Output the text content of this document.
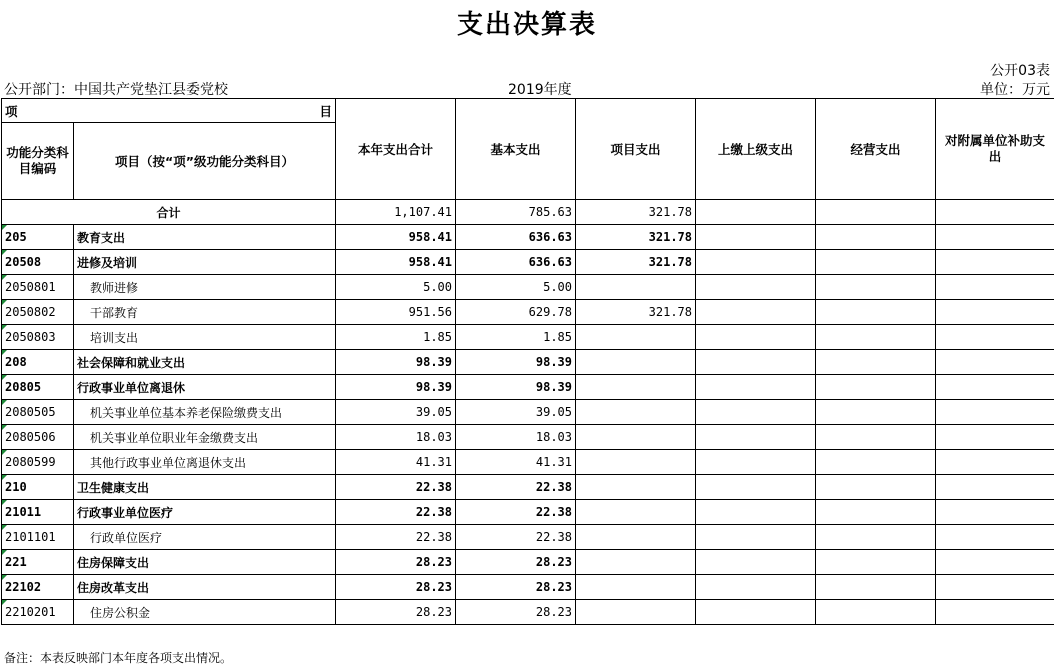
支出决算表
公开03表
公开部门：中国共产党垫江县委党校	2019年度	单位：万元
项 目		本年支出合计	基本支出	项目支出	上缴上级支出	经营支出	对附属单位补助支出
功能分类科目编码	项目（按“项”级功能分类科目）						
合计		1,107.41	785.63	321.78			
205	教育支出	958.41	636.63	321.78			
20508	进修及培训	958.41	636.63	321.78			
2050801	教师进修	5.00	5.00				
2050802	干部教育	951.56	629.78	321.78			
2050803	培训支出	1.85	1.85				
208	社会保障和就业支出	98.39	98.39				
20805	行政事业单位离退休	98.39	98.39				
2080505	机关事业单位基本养老保险缴费支出	39.05	39.05				
2080506	机关事业单位职业年金缴费支出	18.03	18.03				
2080599	其他行政事业单位离退休支出	41.31	41.31				
210	卫生健康支出	22.38	22.38				
21011	行政事业单位医疗	22.38	22.38				
2101101	行政单位医疗	22.38	22.38				
221	住房保障支出	28.23	28.23				
22102	住房改革支出	28.23	28.23				
2210201	住房公积金	28.23	28.23				
备注：本表反映部门本年度各项支出情况。
